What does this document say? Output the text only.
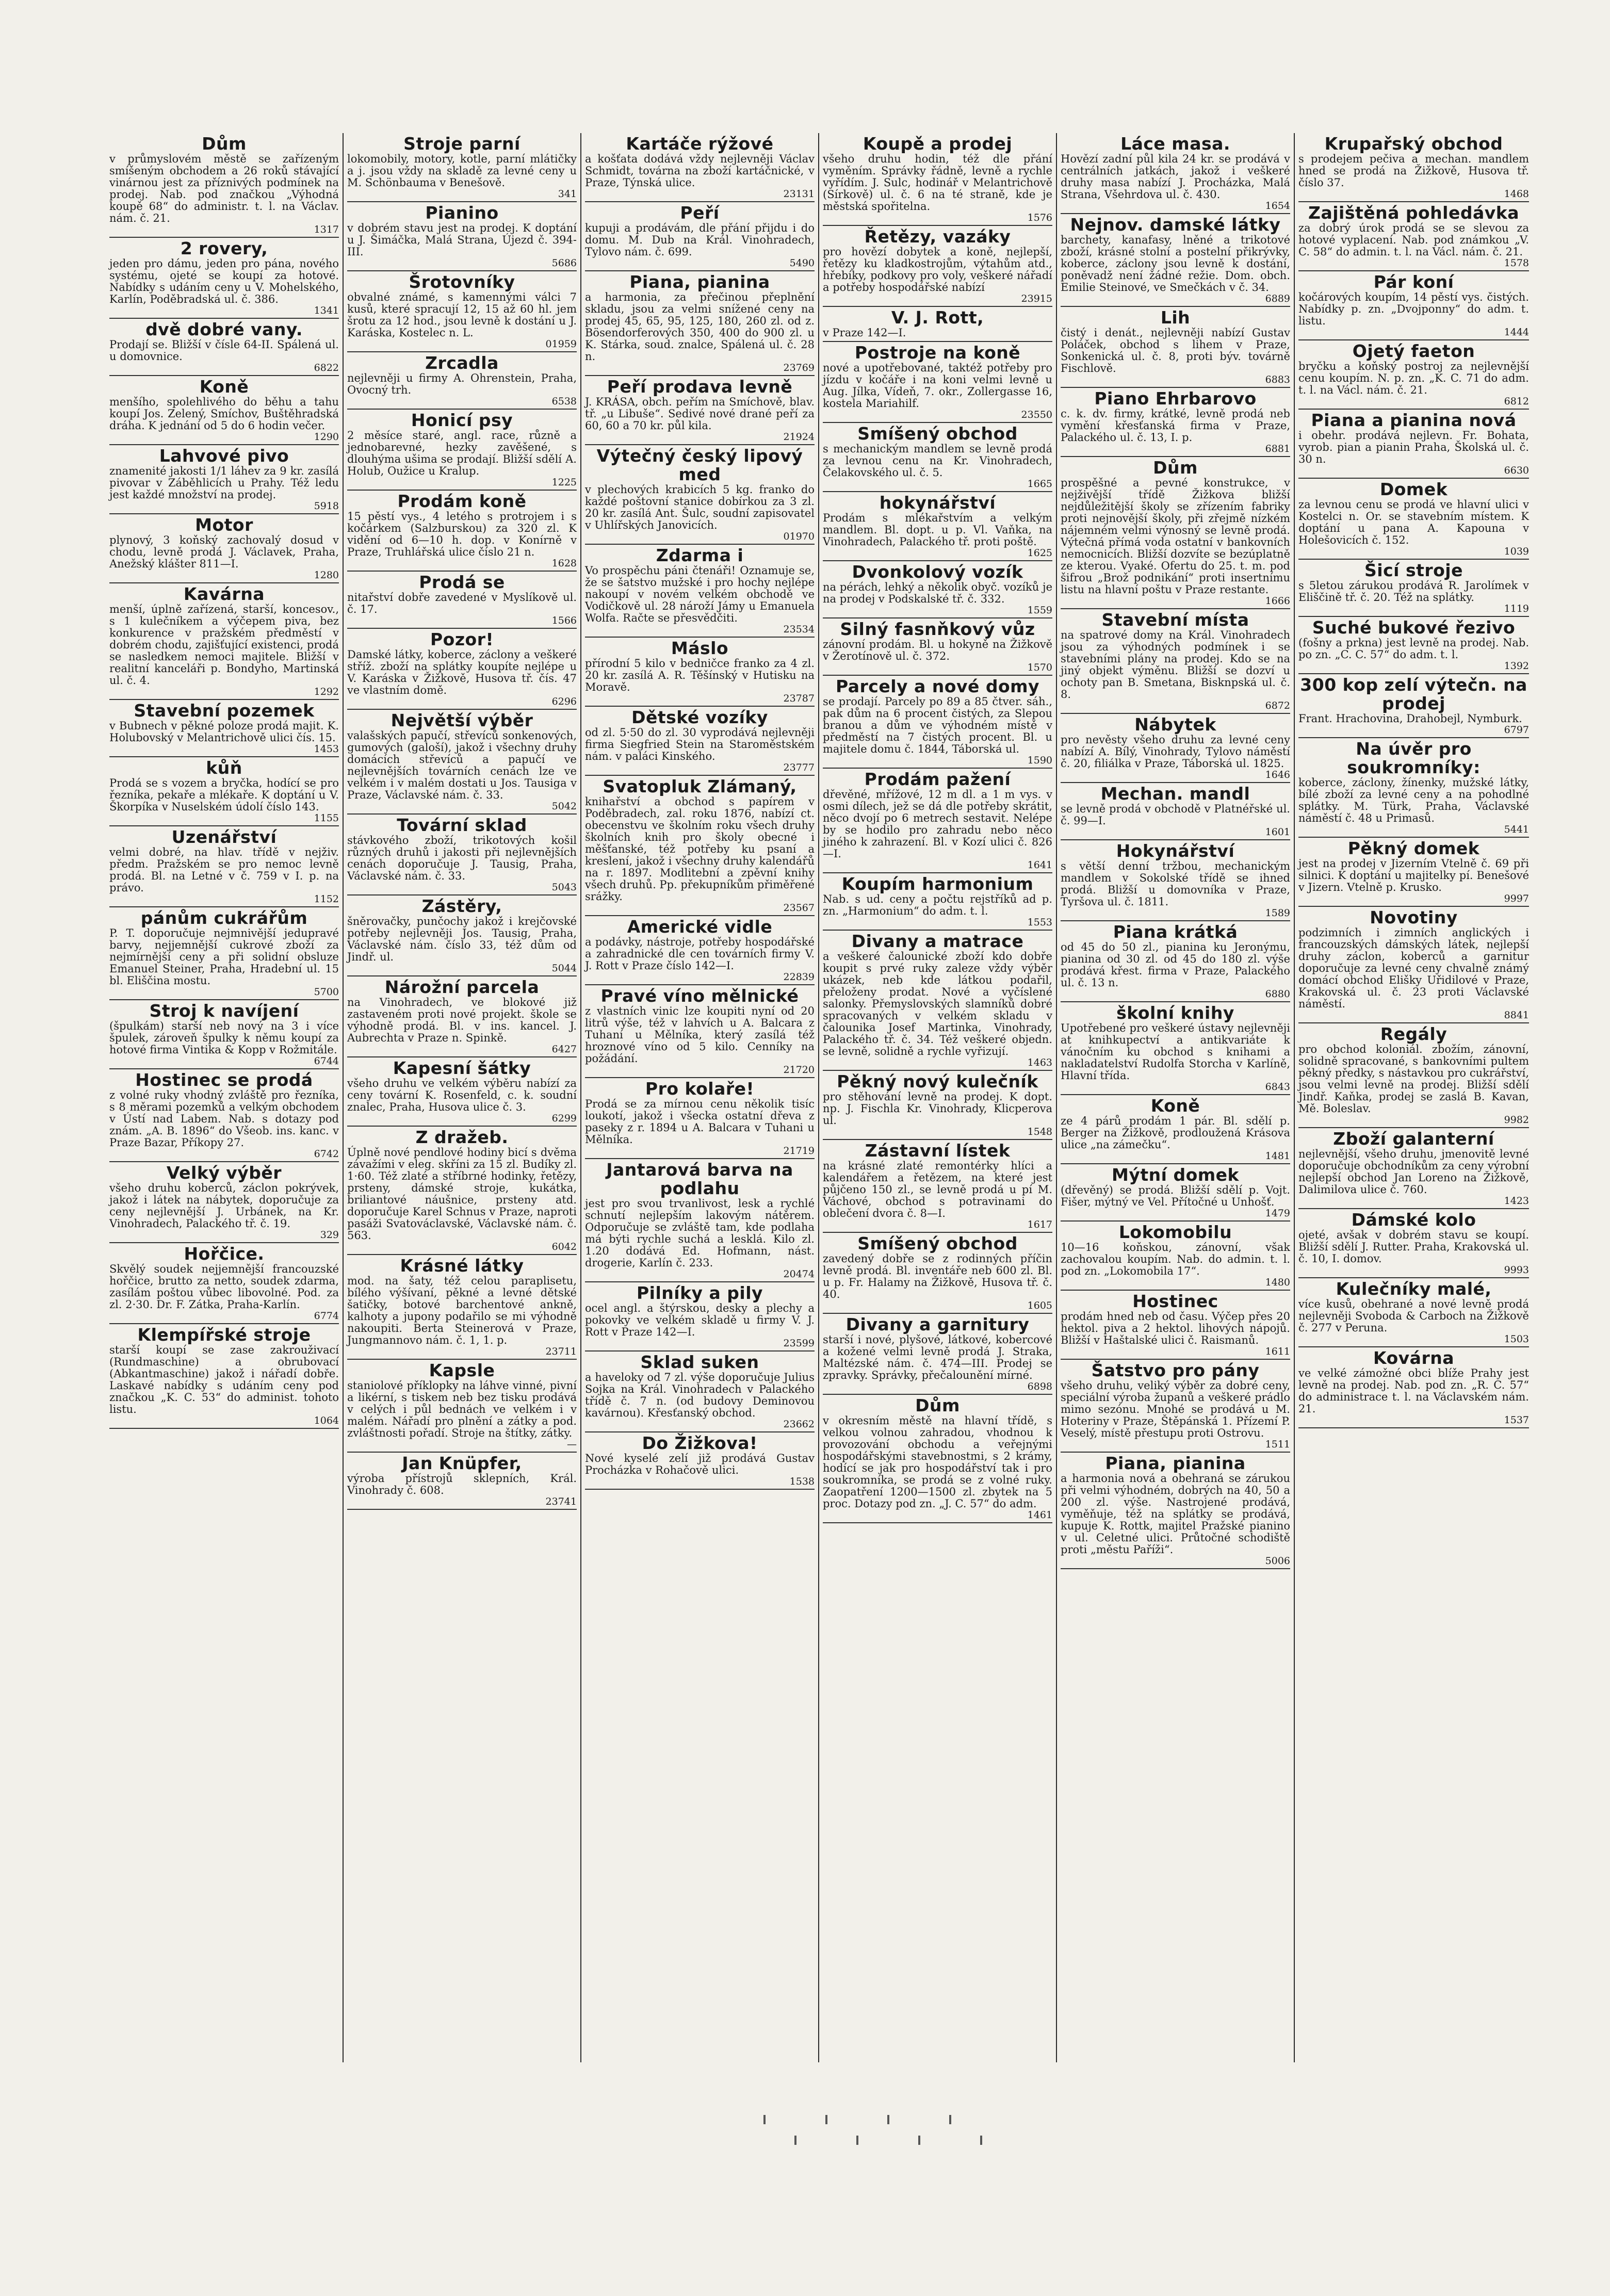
Dům

v průmyslovém městě se zařízeným smíšeným obchodem a 26 roků stávající vinárnou jest za příznivých podmínek na prodej. Nab. pod značkou „Výhodná koupě 68“ do administr. t. l. na Václav. nám. č. 21.

1317
2 rovery,

jeden pro dámu, jeden pro pána, nového systému, ojeté se koupí za hotové. Nabídky s udáním ceny u V. Mohelského, Karlín, Poděbradská ul. č. 386.

1341
dvě dobré vany.

Prodají se. Bližší v čísle 64-II. Spálená ul. u domovnice.

6822
Koně

menšího, spolehlivého do běhu a tahu koupí Jos. Zelený, Smíchov, Buštěhradská dráha. K jednání od 5 do 6 hodin večer.

1290
Lahvové pivo

znamenité jakosti 1/1 láhev za 9 kr. zasílá pivovar v Záběhlicích u Prahy. Též ledu jest každé množství na prodej.

5918
Motor

plynový, 3 koňský zachovalý dosud v chodu, levně prodá J. Václavek, Praha, Anežský klášter 811—I.

1280
Kavárna

menší, úplně zařízená, starší, koncesov., s 1 kulečníkem a výčepem piva, bez konkurence v pražském předměstí v dobrém chodu, zajišťující existenci, prodá se nasledkem nemoci majitele. Bližší v realitní kanceláři p. Bondyho, Martinská ul. č. 4.

1292
Stavební pozemek

v Bubnech v pěkné poloze prodá majit. K. Holubovský v Melantrichově ulici čís. 15.

1453
kůň

Prodá se s vozem a bryčka, hodící se pro řezníka, pekaře a mlékaře. K doptání u V. Škorpíka v Nuselském údolí číslo 143.

1155
Uzenářství

velmi dobré, na hlav. třídě v nejživ. předm. Pražském se pro nemoc levně prodá. Bl. na Letné v č. 759 v I. p. na právo.

1152
pánům cukrářům

P. T. doporučuje nejmnivější jedupravé barvy, nejjemnější cukrové zboží za nejmírnější ceny a při solidní obsluze Emanuel Steiner, Praha, Hradební ul. 15 bl. Eliščina mostu.

5700
Stroj k navíjení

(špulkám) starší neb nový na 3 i více špulek, zároveň špulky k němu koupí za hotové firma Vintika & Kopp v Rožmitále.

6744
Hostinec se prodá

z volné ruky vhodný zvláště pro řezníka, s 8 měrami pozemků a velkým obchodem v Ústí nad Labem. Nab. s dotazy pod znám. „A. B. 1896“ do Všeob. ins. kanc. v Praze Bazar, Příkopy 27.

6742
Velký výběr

všeho druhu koberců, záclon pokrývek, jakož i látek na nábytek, doporučuje za ceny nejlevnější J. Urbánek, na Kr. Vinohradech, Palackého tř. č. 19.

329
Hořčice.

Skvělý soudek nejjemnější francouzské hořčice, brutto za netto, soudek zdarma, zasílám poštou vůbec libovolné. Pod. za zl. 2·30. Dr. F. Zátka, Praha-Karlín.

6774
Klempířské stroje

starší koupí se zase zakrouživací (Rundmaschine) a obrubovací (Abkantmaschine) jakož i nářadí dobře. Laskavé nabídky s udáním ceny pod značkou „K. C. 53“ do administ. tohoto listu.

1064
Stroje parní

lokomobily, motory, kotle, parní mlátičky a j. jsou vždy na skladě za levné ceny u M. Schönbauma v Benešově.

341
Pianino

v dobrém stavu jest na prodej. K doptání u J. Šimáčka, Malá Strana, Újezd č. 394-III.

5686
Šrotovníky

obvalné známé, s kamennými válci 7 kusů, které spracují 12, 15 až 60 hl. jem šrotu za 12 hod., jsou levně k dostání u J. Karáska, Kostelec n. L.

01959
Zrcadla

nejlevněji u firmy A. Ohrenstein, Praha, Ovocný trh.

6538
Honicí psy

2 měsíce staré, angl. race, různě a jednobarevné, hezky zavěšené, s dlouhýma ušima se prodají. Bližší sdělí A. Holub, Oužice u Kralup.

1225
Prodám koně

15 pěstí vys., 4 letého s protrojem i s kočárkem (Salzburskou) za 320 zl. K vidění od 6—10 h. dop. v Konírně v Praze, Truhlářská ulice číslo 21 n.

1628
Prodá se

nitařství dobře zavedené v Myslíkově ul. č. 17.

1566
Pozor!

Damské látky, koberce, záclony a veškeré stříž. zboží na splátky koupíte nejlépe u V. Karáska v Žižkově, Husova tř. čís. 47 ve vlastním domě.

6296
Největší výběr

valašských papučí, střevíců sonkenových, gumových (galoší), jakož i všechny druhy domácích střevíců a papučí ve nejlevnějších továrních cenách lze ve velkém i v malém dostati u Jos. Tausiga v Praze, Václavské nám. č. 33.

5042
Tovární sklad

stávkového zboží, trikotových košil různých druhů i jakosti při nejlevnějších cenách doporučuje J. Tausig, Praha, Václavské nám. č. 33.

5043
Zástěry,

šněrovačky, punčochy jakož i krejčovské potřeby nejlevněji Jos. Tausig, Praha, Václavské nám. číslo 33, též dům od Jindř. ul.

5044
Nárožní parcela

na Vinohradech, ve blokové již zastaveném proti nové projekt. škole se výhodně prodá. Bl. v ins. kancel. J. Aubrechta v Praze n. Spinkě.

6427
Kapesní šátky

všeho druhu ve velkém výběru nabízí za ceny tovární K. Rosenfeld, c. k. soudní znalec, Praha, Husova ulice č. 3.

6299
Z dražeb.

Úplně nové pendlové hodiny bicí s dvěma závažími v eleg. skříni za 15 zl. Budíky zl. 1·60. Též zlaté a stříbrné hodinky, řetězy, prsteny, dámské stroje, kukátka, briliantové náušnice, prsteny atd. doporučuje Karel Schnus v Praze, naproti pasáži Svatováclavské, Václavské nám. č. 563.

6042
Krásné látky

mod. na šaty, též celou paraplisetu, bílého výšívaní, pěkné a levné dětské šatičky, botové barchentové ankně, kalhoty a jupony podařilo se mi výhodně nakoupiti. Berta Steinerová v Praze, Jungmannovo nám. č. 1, 1. p.

23711
Kapsle

staniolové příklopky na láhve vinné, pivní a likérní, s tiskem neb bez tisku prodává v celých i půl bednách ve velkém i v malém. Nářadí pro plnění a zátky a pod. zvláštnosti pořadí. Stroje na štítky, zátky.

—
Jan Knüpfer,

výroba přístrojů sklepních, Král. Vinohrady č. 608.

23741
Kartáče rýžové

a košťata dodává vždy nejlevněji Václav Schmidt, továrna na zboží kartáčnické, v Praze, Týnská ulice.

23131
Peří

kupuji a prodávám, dle přání přijdu i do domu. M. Dub na Král. Vinohradech, Tylovo nám. č. 699.

5490
Piana, pianina

a harmonia, za přečinou přeplnění skladu, jsou za velmi snížené ceny na prodej 45, 65, 95, 125, 180, 260 zl. od z. Bösendorferových 350, 400 do 900 zl. u K. Stárka, soud. znalce, Spálená ul. č. 28 n.

23769
Peří prodava levně

J. KRÁSA, obch. peřím na Smíchově, blav. tř. „u Libuše“. Sedivé nové drané peří za 60, 60 a 70 kr. půl kila.

21924
Výtečný český lipový med

v plechových krabicích 5 kg. franko do každé poštovní stanice dobírkou za 3 zl. 20 kr. zasílá Ant. Šulc, soudní zapisovatel v Uhlířských Janovicích.

01970
Zdarma i

Vo prospěchu páni čtenáři! Oznamuje se, že se šatstvo mužské i pro hochy nejlépe nakoupí v novém velkém obchodě ve Vodičkově ul. 28 nároží Jámy u Emanuela Wolfa. Račte se přesvědčiti.

23534
Máslo

přírodní 5 kilo v bedničce franko za 4 zl. 20 kr. zasílá A. R. Těšínský v Hutisku na Moravě.

23787
Dětské vozíky

od zl. 5·50 do zl. 30 vyprodává nejlevněji firma Siegfried Stein na Staroměstském nám. v paláci Kinského.

23777
Svatopluk Zlámaný,

knihařství a obchod s papírem v Poděbradech, zal. roku 1876, nabízí ct. obecenstvu ve školním roku všech druhy školních knih pro školy obecné i měšťanské, též potřeby ku psaní a kreslení, jakož i všechny druhy kalendářů na r. 1897. Modlitební a zpěvní knihy všech druhů. Pp. překupníkům přiměřené srážky.

23567
Americké vidle

a podávky, nástroje, potřeby hospodářské a zahradnické dle cen továrních firmy V. J. Rott v Praze číslo 142—I.

22839
Pravé víno mělnické

z vlastních vinic lze koupiti nyní od 20 litrů výše, též v lahvích u A. Balcara z Tuhaní u Mělníka, který zasílá též hroznové víno od 5 kilo. Cenníky na požádání.

21720
Pro kolaře!

Prodá se za mírnou cenu několik tisíc loukotí, jakož i všecka ostatní dřeva z paseky z r. 1894 u A. Balcara v Tuhani u Mělníka.

21719
Jantarová barva na podlahu

jest pro svou trvanlivost, lesk a rychlé schnutí nejlepším lakovým nátěrem. Odporučuje se zvláště tam, kde podlaha má býti rychle suchá a lesklá. Kilo zl. 1.20 dodává Ed. Hofmann, nást. drogerie, Karlín č. 233.

20474
Pilníky a pily

ocel angl. a štýrskou, desky a plechy a pokovky ve velkém skladě u firmy V. J. Rott v Praze 142—I.

23599
Sklad suken

a haveloky od 7 zl. výše doporučuje Julius Sojka na Král. Vinohradech v Palackého třídě č. 7 n. (od budovy Deminovou kavárnou). Křesťanský obchod.

23662
Do Žižkova!

Nové kyselé zelí již prodává Gustav Procházka v Rohačově ulici.

1538
Koupě a prodej

všeho druhu hodin, též dle přání vyměním. Správky řádně, levně a rychle vyřídím. J. Sulc, hodinář v Melantrichově (Sírkově) ul. č. 6 na té straně, kde je městská spořitelna.

1576
Řetězy, vazáky

pro hovězí dobytek a koně, nejlepší, řetězy ku kladkostrojům, výtahům atd., hřebíky, podkovy pro voly, veškeré nářadí a potřeby hospodářské nabízí

23915
V. J. Rott,

v Praze 142—I.

Postroje na koně

nové a upotřebované, taktéž potřeby pro jízdu v kočáře i na koni velmi levně u Aug. Jílka, Vídeň, 7. okr., Zollergasse 16, kostela Mariahilf.

23550
Smíšený obchod

s mechanickým mandlem se levně prodá za levnou cenu na Kr. Vinohradech, Čelakovského ul. č. 5.

1665
hokynářství

Prodám s mlékařstvím a velkým mandlem. Bl. dopt. u p. Vl. Vaňka, na Vinohradech, Palackého tř. proti poště.

1625
Dvonkolový vozík

na pérách, lehký a několik obyč. vozíků je na prodej v Podskalské tř. č. 332.

1559
Silný fasnňkový vůz

zánovní prodám. Bl. u hokyně na Žižkově v Žerotínově ul. č. 372.

1570
Parcely a nové domy

se prodají. Parcely po 89 a 85 čtver. sáh., pak dům na 6 procent čistých, za Slepou branou a dům ve výhodném místě v předměstí na 7 čistých procent. Bl. u majitele domu č. 1844, Táborská ul.

1590
Prodám pažení

dřevěné, mřížové, 12 m dl. a 1 m vys. v osmi dílech, jež se dá dle potřeby skrátit, něco dvojí po 6 metrech sestavit. Nelépe by se hodilo pro zahradu nebo něco jiného k zahrazení. Bl. v Kozí ulici č. 826—I.

1641
Koupím harmonium

Nab. s ud. ceny a počtu rejstříků ad p. zn. „Harmonium“ do adm. t. l.

1553
Divany a matrace

a veškeré čalounické zboží kdo dobře koupit s prvé ruky zaleze vždy výběr ukázek, neb kde látkou podařil, přeloženy prodat. Nové a vyčíslené salonky. Přemyslovských slamníků dobré spracovaných v velkém skladu v čalounika Josef Martinka, Vinohrady, Palackého tř. č. 34. Též veškeré objedn. se levně, solidně a rychle vyřizují.

1463
Pěkný nový kulečník

pro stěhování levně na prodej. K dopt. np. J. Fischla Kr. Vinohrady, Klicperova ul.

1548
Zástavní lístek

na krásné zlaté remontérky hlíci a kalendářem a řetězem, na které jest půjčeno 150 zl., se levně prodá u pí M. Váchové, obchod s potravinami do oblečení dvora č. 8—I.

1617
Smíšený obchod

zavedený dobře se z rodinných příčin levně prodá. Bl. inventáře neb 600 zl. Bl. u p. Fr. Halamy na Žižkově, Husova tř. č. 40.

1605
Divany a garnitury

starší i nové, plyšové, látkové, kobercové a kožené velmi levně prodá J. Straka, Maltézské nám. č. 474—III. Prodej se zpravky. Správky, přečalounění mírné.

6898
Dům

v okresním městě na hlavní třídě, s velkou volnou zahradou, vhodnou k provozování obchodu a veřejnými hospodářskými stavebnostmi, s 2 krámy, hodící se jak pro hospodářství tak i pro soukromníka, se prodá se z volné ruky. Zaopatření 1200—1500 zl. zbytek na 5 proc. Dotazy pod zn. „J. C. 57“ do adm.

1461
Láce masa.

Hovězí zadní půl kila 24 kr. se prodává v centrálních jatkách, jakož i veškeré druhy masa nabízí J. Procházka, Malá Strana, Všehrdova ul. č. 430.

1654
Nejnov. damské látky

barchety, kanafasy, lněné a trikotové zboží, krásné stolní a postelní přikrývky, koberce, záclony jsou levně k dostání, poněvadž není žádné režie. Dom. obch. Emilie Steinové, ve Smečkách v č. 34.

6889
Lih

čistý i denát., nejlevněji nabízí Gustav Poláček, obchod s lihem v Praze, Sonkenická ul. č. 8, proti býv. továrně Fischlově.

6883
Piano Ehrbarovo

c. k. dv. firmy, krátké, levně prodá neb vymění křesťanská firma v Praze, Palackého ul. č. 13, I. p.

6881
Dům

prospěšné a pevné konstrukce, v nejživější třídě Žižkova bližší nejdůležitější školy se zřízením fabriky proti nejnovější školy, při zřejmě nízkém nájemném velmi výnosný se levně prodá. Výtečná přímá voda ostatní v bankovních nemocnicích. Bližší dozvíte se bezúplatně ze kterou. Vyaké. Ofertu do 25. t. m. pod šifrou „Brož podnikání“ proti insertnímu listu na hlavní poštu v Praze restante.

1666
Stavební místa

na spatrové domy na Král. Vinohradech jsou za výhodných podmínek i se stavebními plány na prodej. Kdo se na jiný objekt výměnu. Bližší se dozví u ochoty pan B. Smetana, Bisknpská ul. č. 8.

6872
Nábytek

pro nevěsty všeho druhu za levné ceny nabízí A. Bílý, Vinohrady, Tylovo náměstí č. 20, filiálka v Praze, Táborská ul. 1825.

1646
Mechan. mandl

se levně prodá v obchodě v Platnéřské ul. č. 99—I.

1601
Hokynářství

s větší denní tržbou, mechanickým mandlem v Sokolské třídě se ihned prodá. Bližší u domovníka v Praze, Tyršova ul. č. 1811.

1589
Piana krátká

od 45 do 50 zl., pianina ku Jeronýmu, pianina od 30 zl. od 45 do 180 zl. výše prodává křest. firma v Praze, Palackého ul. č. 13 n.

6880
školní knihy

Upotřebené pro veškeré ústavy nejlevněji at knihkupectví a antikvariáte k vánočním ku obchod s knihami a nakladatelství Rudolfa Storcha v Karlíně, Hlavní třída.

6843
Koně

ze 4 párů prodám 1 pár. Bl. sdělí p. Berger na Žižkově, prodloužená Krásova ulice „na zámečku“.

1481
Mýtní domek

(dřevěný) se prodá. Bližší sdělí p. Vojt. Fišer, mýtný ve Vel. Přítočné u Unhošť.

1479
Lokomobilu

10—16 koňskou, zánovní, však zachovalou koupím. Nab. do admin. t. l. pod zn. „Lokomobila 17“.

1480
Hostinec

prodám hned neb od času. Výčep přes 20 hektol. piva a 2 hektol. lihových nápojů. Bližší v Haštalské ulici č. Raismanů.

1611
Šatstvo pro pány

všeho druhu, veliký výběr za dobré ceny, speciální výroba županů a veškeré prádlo mimo sezónu. Mnohé se prodává u M. Hoteriny v Praze, Štěpánská 1. Přízemí P. Veselý, místě přestupu proti Ostrovu.

1511
Piana, pianina

a harmonia nová a obehraná se zárukou při velmi výhodném, dobrých na 40, 50 a 200 zl. výše. Nastrojené prodává, vyměňuje, též na splátky se prodává, kupuje K. Rottk, majitel Pražské pianino v ul. Celetné ulici. Průtočné schodiště proti „městu Paříži“.

5006
Krupařský obchod

s prodejem pečiva a mechan. mandlem hned se prodá na Žižkově, Husova tř. číslo 37.

1468
Zajištěná pohledávka

za dobrý úrok prodá se se slevou za hotové vyplacení. Nab. pod známkou „V. C. 58“ do admin. t. l. na Václ. nám. č. 21.

1578
Pár koní

kočárových koupím, 14 pěstí vys. čistých. Nabídky p. zn. „Dvojponny“ do adm. t. listu.

1444
Ojetý faeton

bryčku a koňský postroj za nejlevnější cenu koupím. N. p. zn. „K. C. 71 do adm. t. l. na Václ. nám. č. 21.

6812
Piana a pianina nová

i obehr. prodává nejlevn. Fr. Bohata, vyrob. pian a pianin Praha, Školská ul. č. 30 n.

6630
Domek

za levnou cenu se prodá ve hlavní ulici v Kostelci n. Or. se stavebním místem. K doptání u pana A. Kapouna v Holešovicích č. 152.

1039
Šicí stroje

s 5letou zárukou prodává R. Jarolímek v Eliščině tř. č. 20. Též na splátky.

1119
Suché bukové řezivo

(fošny a prkna) jest levně na prodej. Nab. po zn. „C. C. 57“ do adm. t. l.

1392
300 kop zelí výtečn. na prodej

Frant. Hrachovina, Drahobejl, Nymburk.

6797
Na úvěr pro soukromníky:

koberce, záclony, žínenky, mužské látky, bílé zboží za levné ceny a na pohodlné splátky. M. Türk, Praha, Václavské náměstí č. 48 u Primasů.

5441
Pěkný domek

jest na prodej v Jizerním Vtelně č. 69 při silnici. K doptání u majitelky pí. Benešové v Jizern. Vtelně p. Krusko.

9997
Novotiny

podzimních i zimních anglických i francouzských dámských látek, nejlepší druhy záclon, koberců a garnitur doporučuje za levné ceny chvalně známý domácí obchod Elišky Uřidilové v Praze, Krakovská ul. č. 23 proti Václavské náměstí.

8841
Regály

pro obchod koloniál. zbožím, zánovní, solidně spracované, s bankovními pultem pěkný předky, s nástavkou pro cukrářství, jsou velmi levně na prodej. Bližší sdělí Jindř. Kaňka, prodej se zaslá B. Kavan, Mě. Boleslav.

9982
Zboží galanterní

nejlevnější, všeho druhu, jmenovitě levné doporučuje obchodníkům za ceny výrobní nejlepší obchod Jan Loreno na Žižkově, Dalimilova ulice č. 760.

1423
Dámské kolo

ojeté, avšak v dobrém stavu se koupí. Bližší sdělí J. Rutter. Praha, Krakovská ul. č. 10, I. domov.

9993
Kulečníky malé,

více kusů, obehrané a nové levně prodá nejlevněji Svoboda & Carboch na Žižkově č. 277 v Peruna.

1503
Kovárna

ve velké zámožné obci blíže Prahy jest levně na prodej. Nab. pod zn. „R. C. 57“ do administrace t. l. na Václavském nám. 21.

1537
